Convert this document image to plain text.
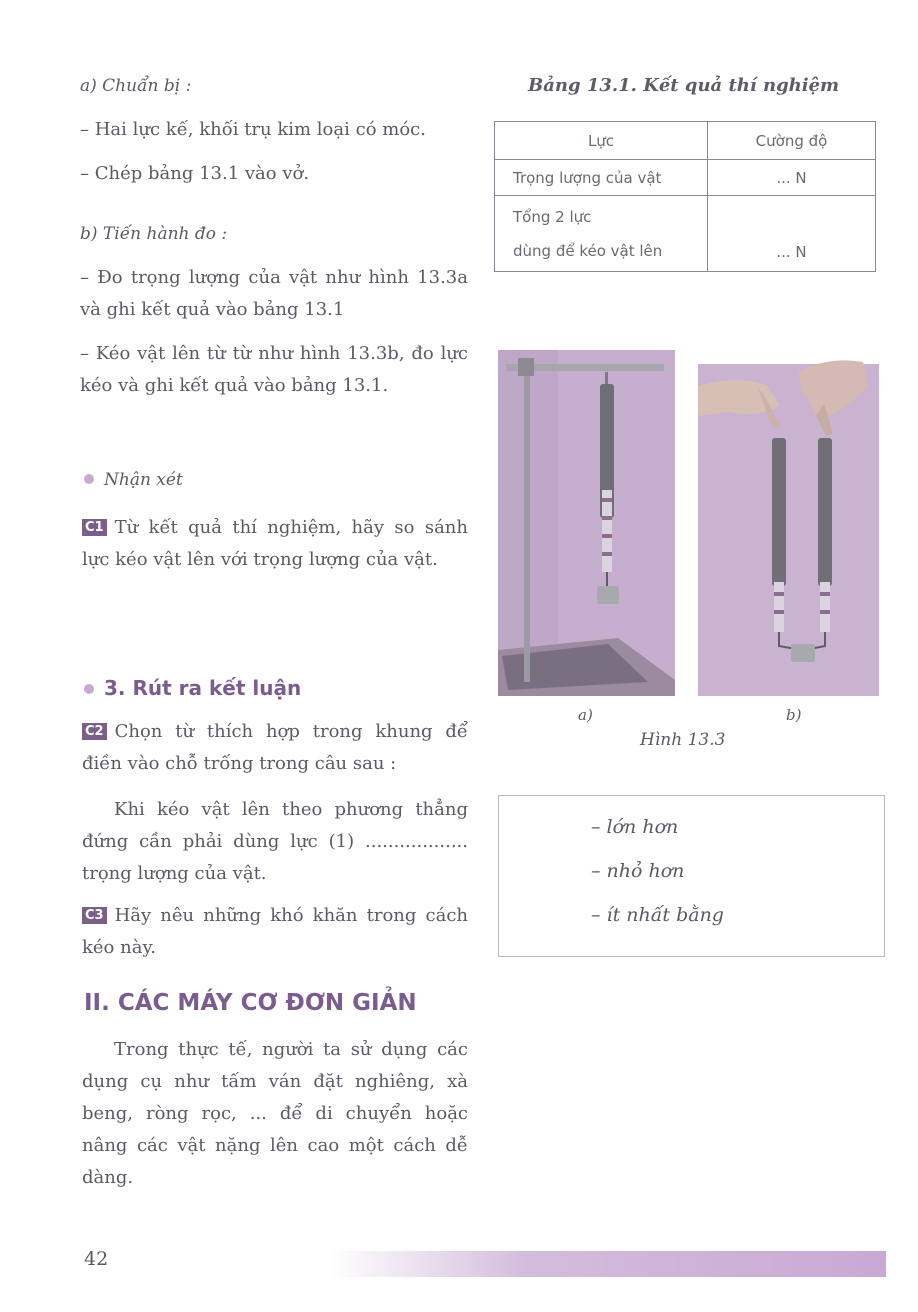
a) Chuẩn bị :
– Hai lực kế, khối trụ kim loại có móc.
– Chép bảng 13.1 vào vở.
b) Tiến hành đo :
– Đo trọng lượng của vật như hình 13.3a và ghi kết quả vào bảng 13.1
– Kéo vật lên từ từ như hình 13.3b, đo lực kéo và ghi kết quả vào bảng 13.1.
Nhận xét
C1 Từ kết quả thí nghiệm, hãy so sánh lực kéo vật lên với trọng lượng của vật.
3. Rút ra kết luận
C2 Chọn từ thích hợp trong khung để điền vào chỗ trống trong câu sau :
Khi kéo vật lên theo phương thẳng đứng cần phải dùng lực (1) .................. trọng lượng của vật.
C3 Hãy nêu những khó khăn trong cách kéo này.
II. CÁC MÁY CƠ ĐƠN GIẢN
Trong thực tế, người ta sử dụng các dụng cụ như tấm ván đặt nghiêng, xà beng, ròng rọc, ... để di chuyển hoặc nâng các vật nặng lên cao một cách dễ dàng.
Bảng 13.1. Kết quả thí nghiệm
Lực	Cường độ
Trọng lượng của vật	... N

Tổng 2 lực
dùng để kéo vật lên	... N
a)	b)
Hình 13.3
– lớn hơn
– nhỏ hơn
– ít nhất bằng
42
